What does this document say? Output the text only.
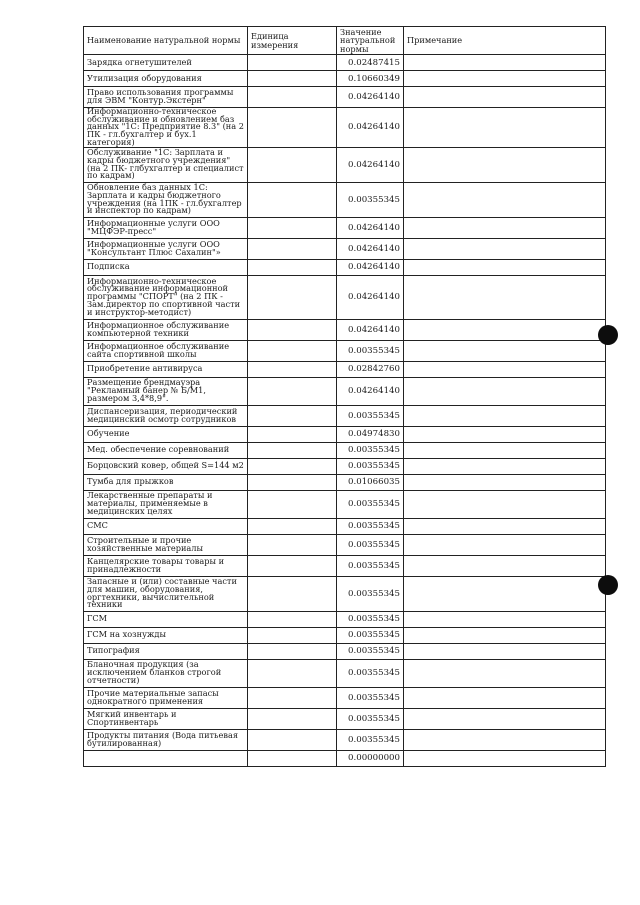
Наименование натуральной нормы	Единица измерения	Значение натуральной нормы	Примечание
Зарядка огнетушителей		0.02487415	
Утилизация оборудования		0.10660349	
Право использования программы для ЭВМ "Контур.Экстерн"		0.04264140	
Информационно-техническое обслуживание и обновлением баз данных "1С: Предприятие 8.3" (на 2 ПК - гл.бухгалтер и бух.1 категория)		0.04264140	
Обслуживание "1С: Зарплата и кадры бюджетного учреждения" (на 2 ПК- глбухгалтер и специалист по кадрам)		0.04264140	
Обновление баз данных 1С: Зарплата и кадры бюджетного учреждения (на 1ПК - гл.бухгалтер и инспектор по кадрам)		0.00355345	
Информационные услуги ООО "МЦФЭР-пресс"		0.04264140	
Информационные услуги ООО "Консультант Плюс Сахалин"»		0.04264140	
Подписка		0.04264140	
Информационно-техническое обслуживание информационной программы "СПОРТ" (на 2 ПК - Зам.директор по спортивной части и инструктор-методист)		0.04264140	
Информационное обслуживание компьютерной техники		0.04264140	
Информационное обслуживание сайта спортивной школы		0.00355345	
Приобретение антивируса		0.02842760	
Размещение брендмауэра "Рекламный банер № Б/М1, размером 3,4*8,9".		0.04264140	
Диспансеризация, периодический медицинский осмотр сотрудников		0.00355345	
Обучение		0.04974830	
Мед. обеспечение соревнований		0.00355345	
Борцовский ковер, общей S=144 м2		0.00355345	
Тумба для прыжков		0.01066035	
Лекарственные препараты и материалы, применяемые в медицинских целях		0.00355345	
СМС		0.00355345	
Строительные и прочие хозяйственные материалы		0.00355345	
Канцелярские товары товары и принадлежности		0.00355345	
Запасные и (или) составные части для машин, оборудования, оргтехники, вычислительной техники		0.00355345	
ГСМ		0.00355345	
ГСМ на хознужды		0.00355345	
Типография		0.00355345	
Бланочная продукция (за исключением бланков строгой отчетности)		0.00355345	
Прочие материальные запасы однократного применения		0.00355345	
Мягкий инвентарь и Спортинвентарь		0.00355345	
Продукты питания (Вода питьевая бутилированная)		0.00355345	
		0.00000000	
